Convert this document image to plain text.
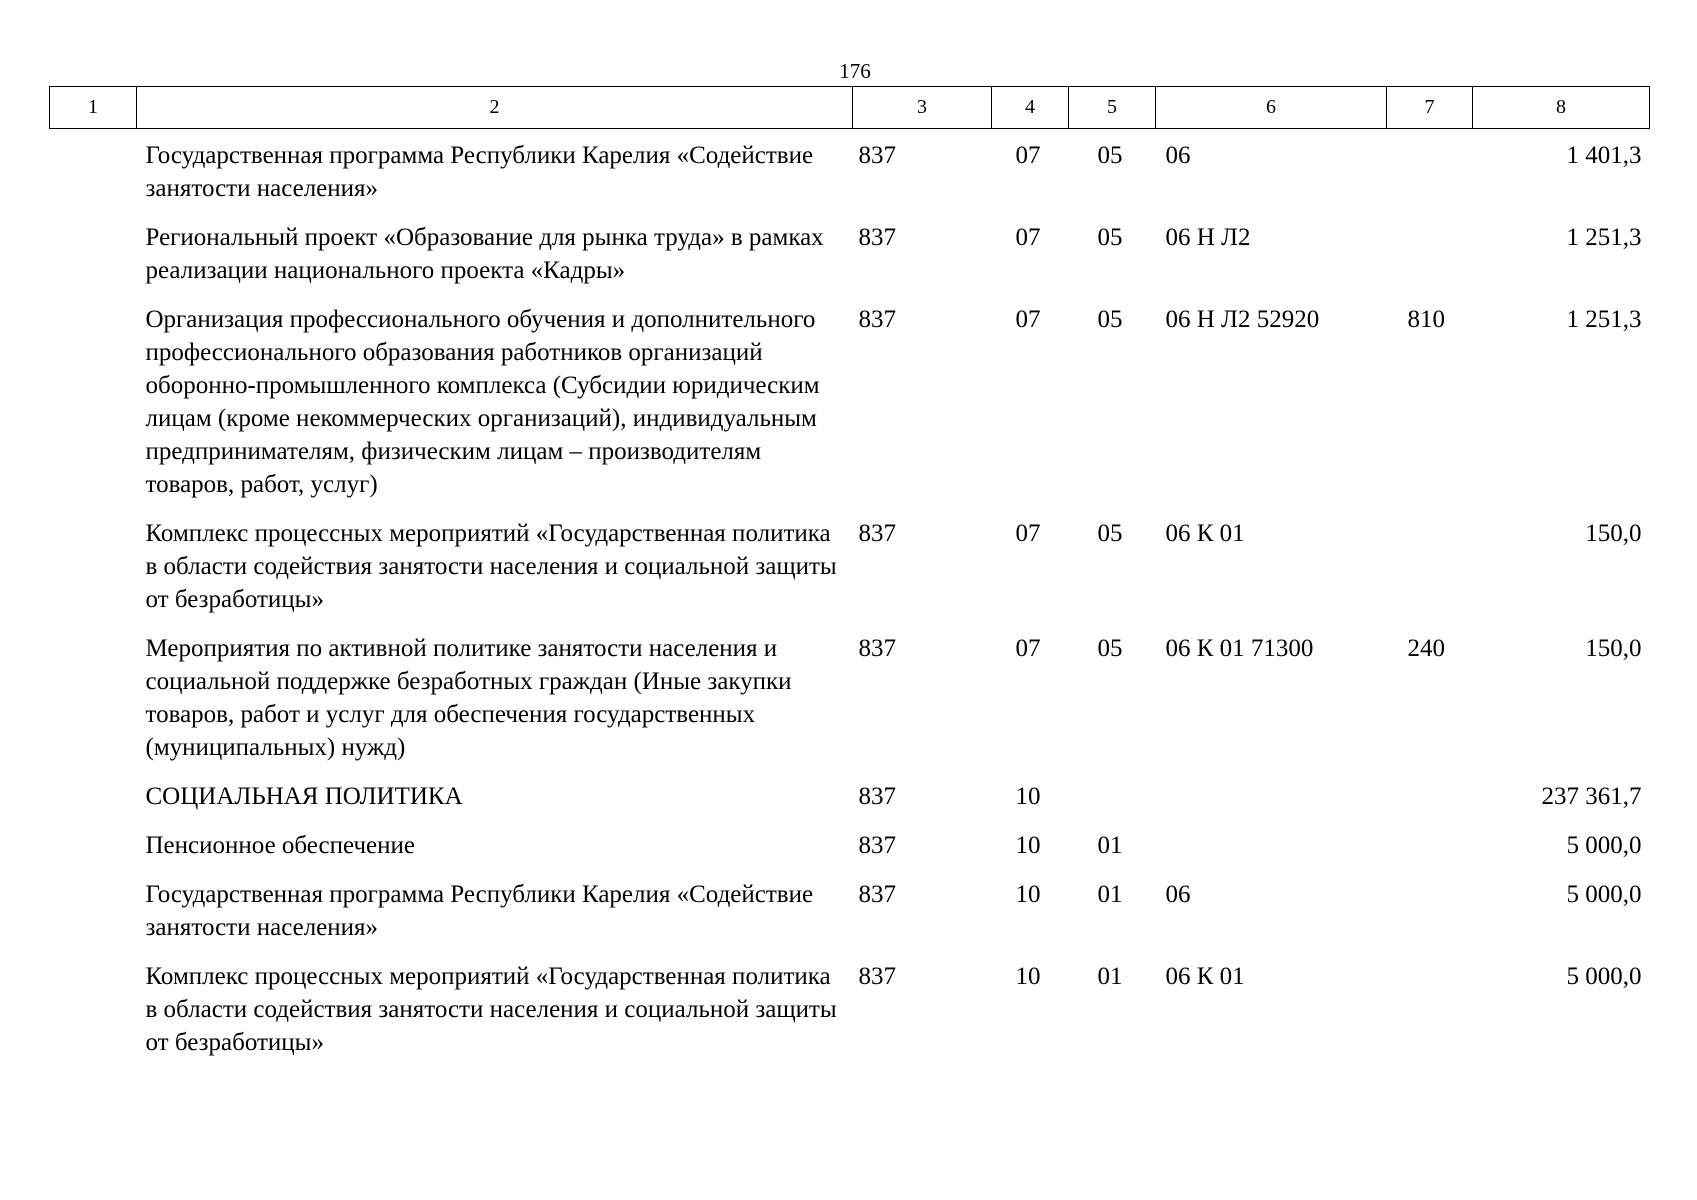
176
1	2	3	4	5	6	7	8
Государственная программа Республики Карелия «Содействие занятости населения»		837	07	05	06		1 401,3
Региональный проект «Образование для рынка труда» в рамках реализации национального проекта «Кадры»		837	07	05	06 Н Л2		1 251,3
Организация профессионального обучения и дополнительного профессионального образования работников организаций оборонно-промышленного комплекса (Субсидии юридическим лицам (кроме некоммерческих организаций), индивидуальным предпринимателям, физическим лицам – производителям товаров, работ, услуг)		837	07	05	06 Н Л2 52920	810	1 251,3
Комплекс процессных мероприятий «Государственная политика в области содействия занятости населения и социальной защиты от безработицы»		837	07	05	06 К 01		150,0
Мероприятия по активной политике занятости населения и социальной поддержке безработных граждан (Иные закупки товаров, работ и услуг для обеспечения государственных (муниципальных) нужд)		837	07	05	06 К 01 71300	240	150,0
СОЦИАЛЬНАЯ ПОЛИТИКА		837	10				237 361,7
Пенсионное обеспечение		837	10	01			5 000,0
Государственная программа Республики Карелия «Содействие занятости населения»		837	10	01	06		5 000,0
Комплекс процессных мероприятий «Государственная политика в области содействия занятости населения и социальной защиты от безработицы»		837	10	01	06 К 01		5 000,0
